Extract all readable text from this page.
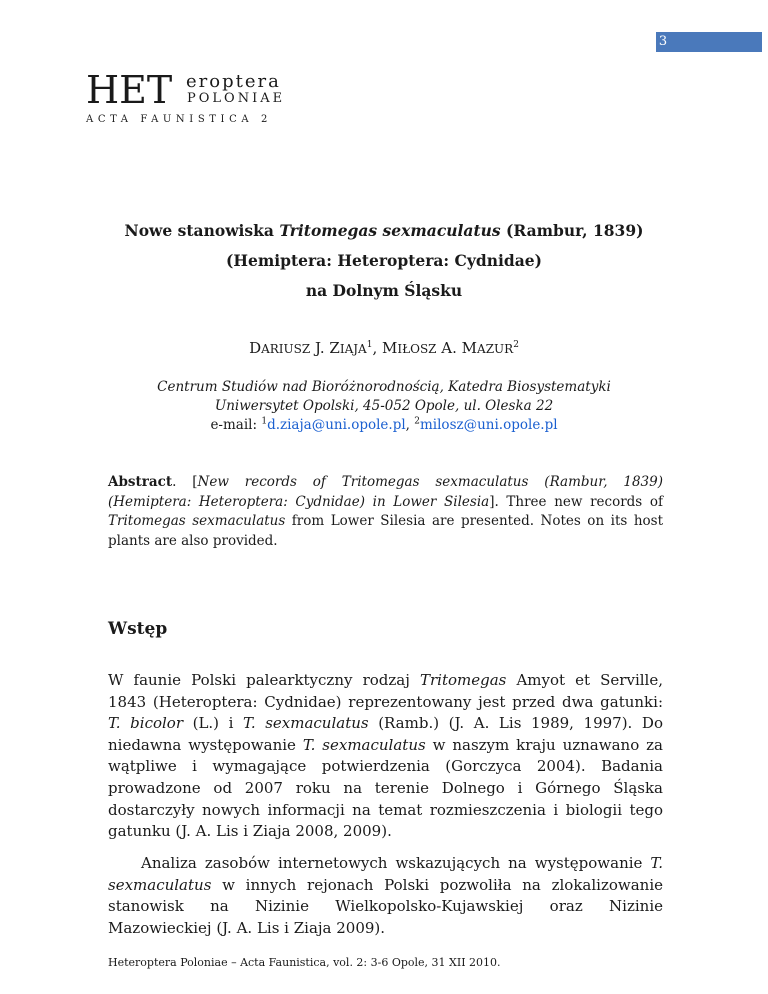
3
HET eroptera
POLONIAE
ACTA FAUNISTICA 2
Nowe stanowiska Tritomegas sexmaculatus (Rambur, 1839)
(Hemiptera: Heteroptera: Cydnidae)
na Dolnym Śląsku
DARIUSZ J. ZIAJA$^1$, MIŁOSZ A. MAZUR$^2$
Centrum Studiów nad Bioróżnorodnością, Katedra Biosystematyki
Uniwersytet Opolski, 45-052 Opole, ul. Oleska 22
e-mail: $^1$d.ziaja@uni.opole.pl, $^2$milosz@uni.opole.pl
Abstract. [New records of Tritomegas sexmaculatus (Rambur, 1839) (Hemiptera: Heteroptera: Cydnidae) in Lower Silesia]. Three new records of Tritomegas sexmaculatus from Lower Silesia are presented. Notes on its host plants are also provided.
Wstęp
W faunie Polski palearktyczny rodzaj Tritomegas Amyot et Serville, 1843 (Heteroptera: Cydnidae) reprezentowany jest przed dwa gatunki: T. bicolor (L.) i T. sexmaculatus (Ramb.) (J. A. Lis 1989, 1997). Do niedawna występowanie T. sexmaculatus w naszym kraju uznawano za wątpliwe i wymagające potwierdzenia (Gorczyca 2004). Badania prowadzone od 2007 roku na terenie Dolnego i Górnego Śląska dostarczyły nowych informacji na temat rozmieszczenia i biologii tego gatunku (J. A. Lis i Ziaja 2008, 2009).
Analiza zasobów internetowych wskazujących na występowanie T. sexmaculatus w innych rejonach Polski pozwoliła na zlokalizowanie stanowisk na Nizinie Wielkopolsko-Kujawskiej oraz Nizinie Mazowieckiej (J. A. Lis i Ziaja 2009).
Heteroptera Poloniae – Acta Faunistica, vol. 2: 3-6 Opole, 31 XII 2010.
